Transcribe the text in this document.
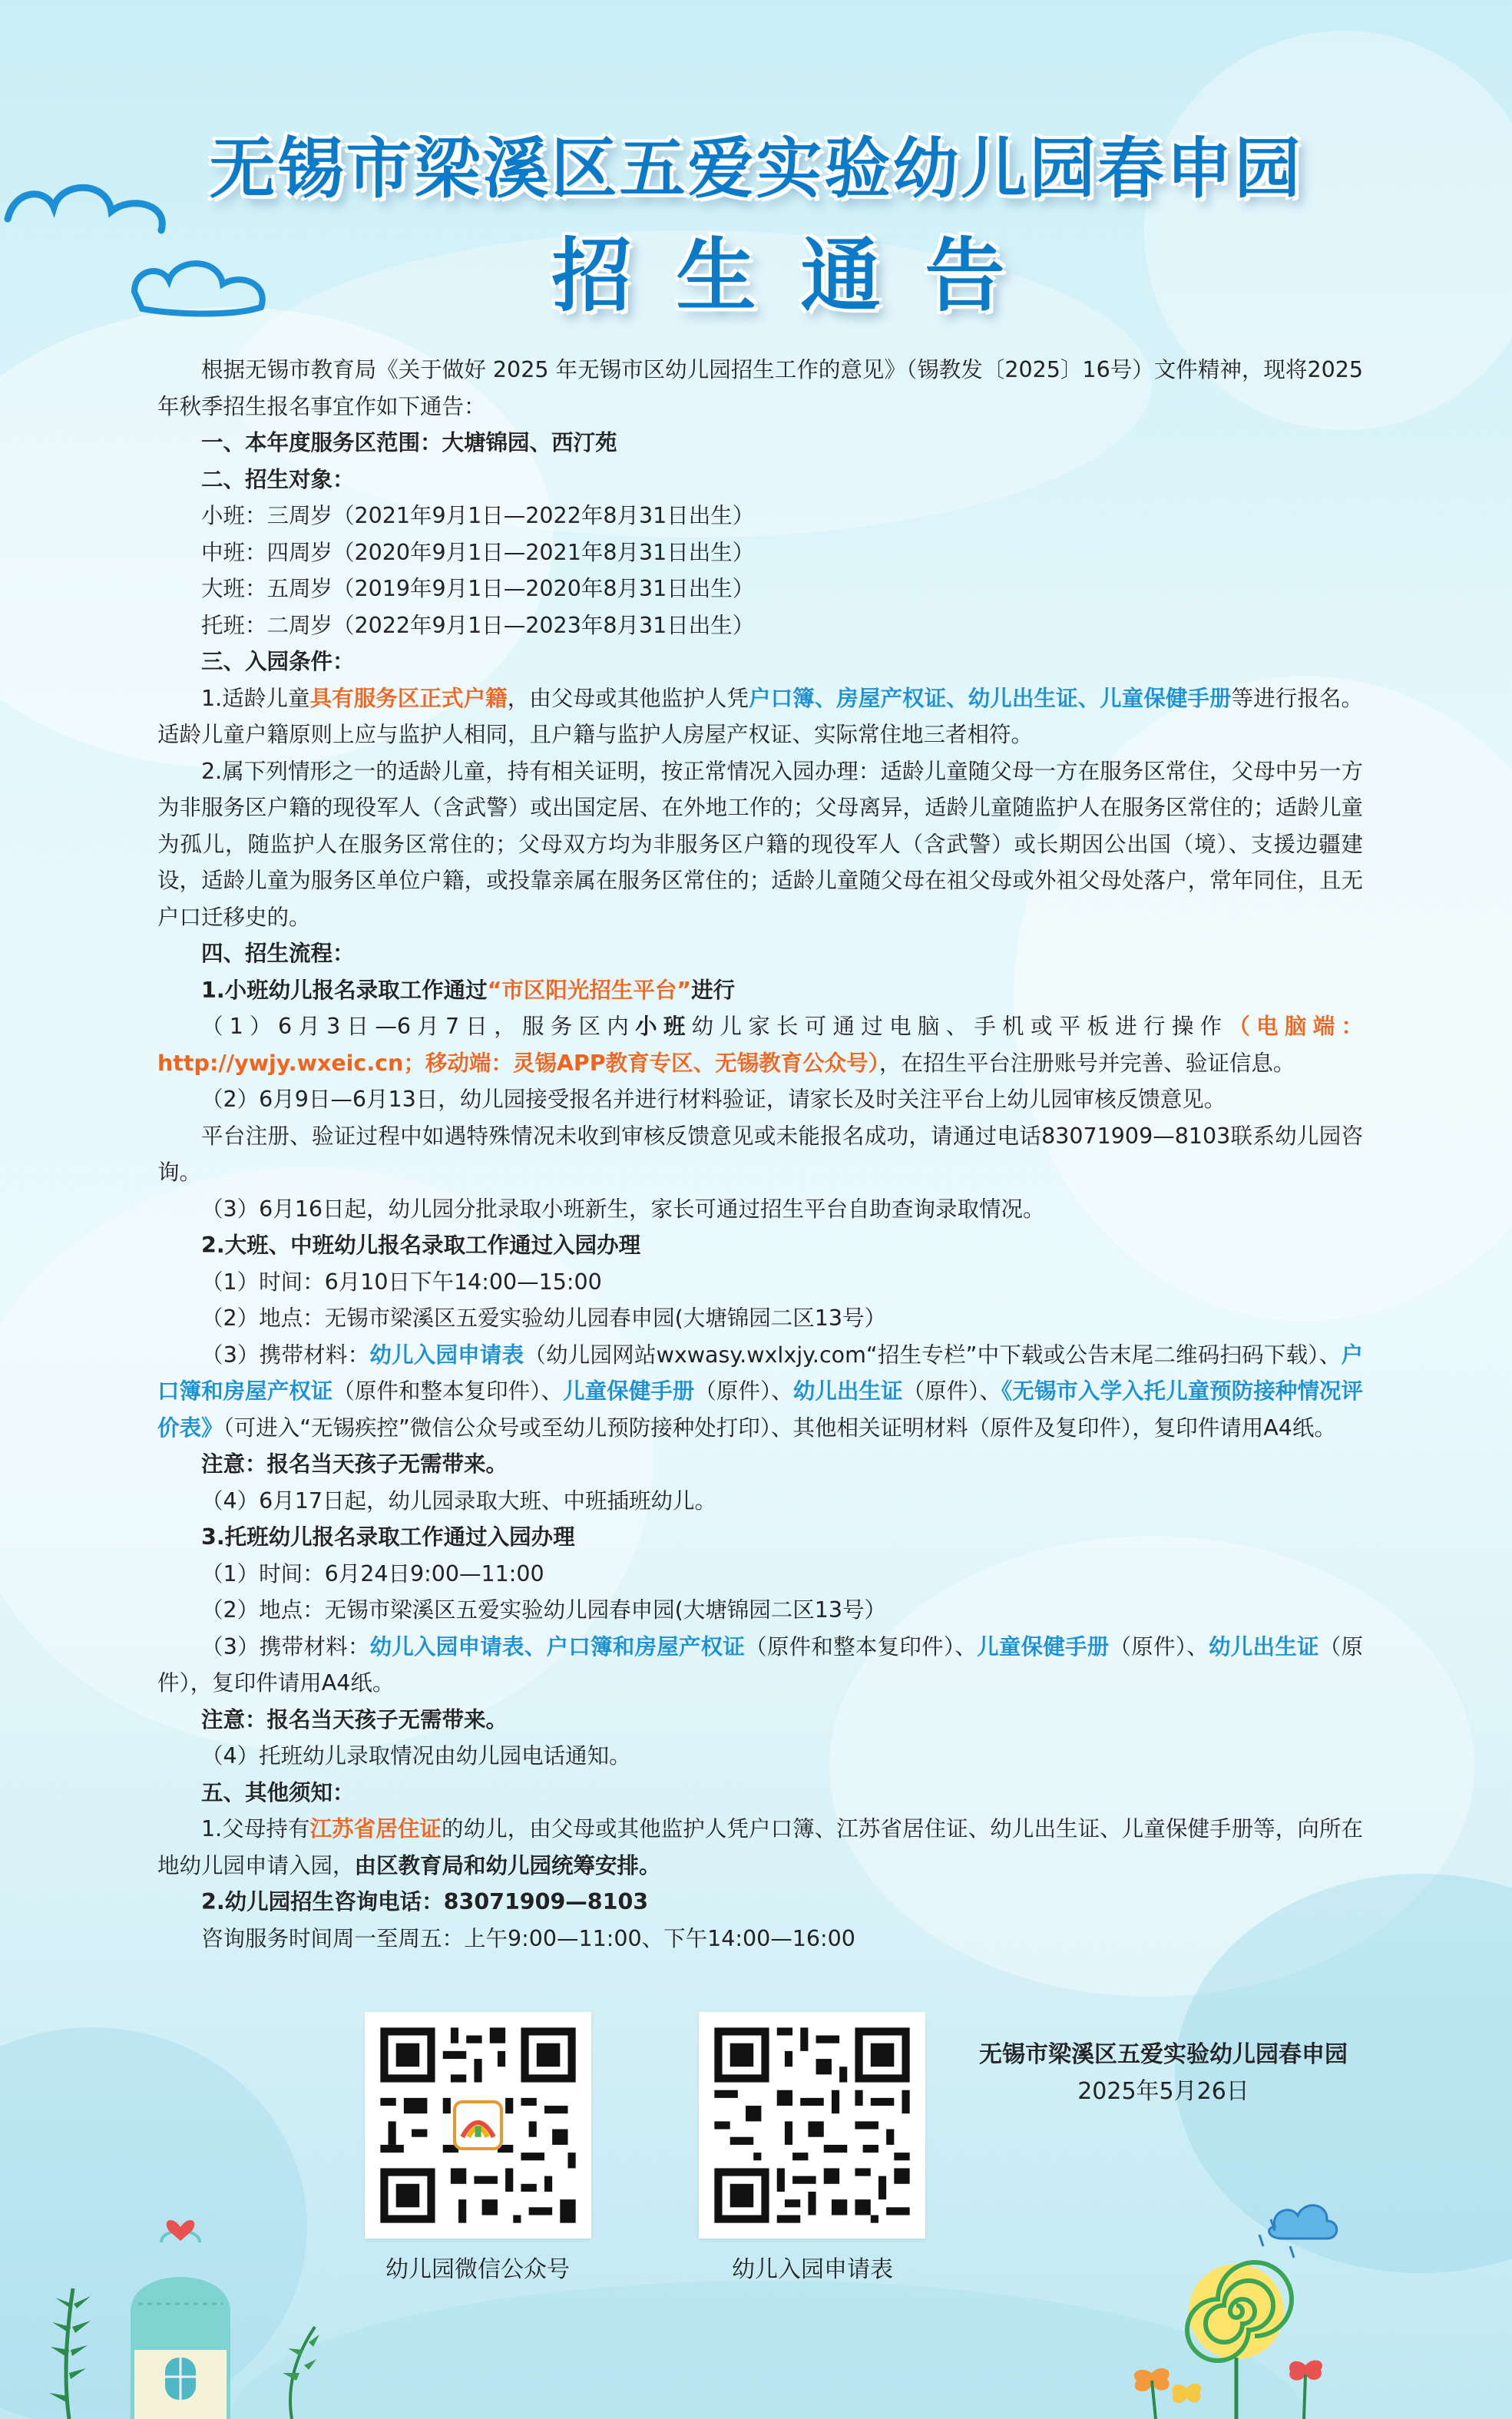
无锡市梁溪区五爱实验幼儿园春申园
招生通告

根据无锡市教育局《关于做好 2025 年无锡市区幼儿园招生工作的意见》（锡教发〔2025〕16号）文件精神，现将2025年秋季招生报名事宜作如下通告：

一、本年度服务区范围：大塘锦园、西汀苑

二、招生对象：

小班：三周岁（2021年9月1日—2022年8月31日出生）

中班：四周岁（2020年9月1日—2021年8月31日出生）

大班：五周岁（2019年9月1日—2020年8月31日出生）

托班：二周岁（2022年9月1日—2023年8月31日出生）

三、入园条件：

1.适龄儿童具有服务区正式户籍，由父母或其他监护人凭户口簿、房屋产权证、幼儿出生证、儿童保健手册等进行报名。适龄儿童户籍原则上应与监护人相同，且户籍与监护人房屋产权证、实际常住地三者相符。

2.属下列情形之一的适龄儿童，持有相关证明，按正常情况入园办理：适龄儿童随父母一方在服务区常住，父母中另一方为非服务区户籍的现役军人（含武警）或出国定居、在外地工作的；父母离异，适龄儿童随监护人在服务区常住的；适龄儿童为孤儿，随监护人在服务区常住的；父母双方均为非服务区户籍的现役军人（含武警）或长期因公出国（境）、支援边疆建设，适龄儿童为服务区单位户籍，或投靠亲属在服务区常住的；适龄儿童随父母在祖父母或外祖父母处落户，常年同住，且无户口迁移史的。

四、招生流程：

1.小班幼儿报名录取工作通过“市区阳光招生平台”进行

（1）6月3日—6月7日，服务区内小班幼儿家长可通过电脑、手机或平板进行操作（电脑端：http://ywjy.wxeic.cn；移动端：灵锡APP教育专区、无锡教育公众号），在招生平台注册账号并完善、验证信息。

（2）6月9日—6月13日，幼儿园接受报名并进行材料验证，请家长及时关注平台上幼儿园审核反馈意见。

平台注册、验证过程中如遇特殊情况未收到审核反馈意见或未能报名成功，请通过电话83071909—8103联系幼儿园咨询。

（3）6月16日起，幼儿园分批录取小班新生，家长可通过招生平台自助查询录取情况。

2.大班、中班幼儿报名录取工作通过入园办理

（1）时间：6月10日下午14:00—15:00

（2）地点：无锡市梁溪区五爱实验幼儿园春申园(大塘锦园二区13号）

（3）携带材料：幼儿入园申请表（幼儿园网站wxwasy.wxlxjy.com“招生专栏”中下载或公告末尾二维码扫码下载）、户口簿和房屋产权证（原件和整本复印件）、儿童保健手册（原件）、幼儿出生证（原件）、《无锡市入学入托儿童预防接种情况评价表》（可进入“无锡疾控”微信公众号或至幼儿预防接种处打印）、其他相关证明材料（原件及复印件），复印件请用A4纸。

注意：报名当天孩子无需带来。

（4）6月17日起，幼儿园录取大班、中班插班幼儿。

3.托班幼儿报名录取工作通过入园办理

（1）时间：6月24日9:00—11:00

（2）地点：无锡市梁溪区五爱实验幼儿园春申园(大塘锦园二区13号）

（3）携带材料：幼儿入园申请表、户口簿和房屋产权证（原件和整本复印件）、儿童保健手册（原件）、幼儿出生证（原件），复印件请用A4纸。

注意：报名当天孩子无需带来。

（4）托班幼儿录取情况由幼儿园电话通知。

五、其他须知：

1.父母持有江苏省居住证的幼儿，由父母或其他监护人凭户口簿、江苏省居住证、幼儿出生证、儿童保健手册等，向所在地幼儿园申请入园，由区教育局和幼儿园统筹安排。

2.幼儿园招生咨询电话：83071909—8103

咨询服务时间周一至周五：上午9:00—11:00、下午14:00—16:00

幼儿园微信公众号	幼儿入园申请表
无锡市梁溪区五爱实验幼儿园春申园
2025年5月26日
